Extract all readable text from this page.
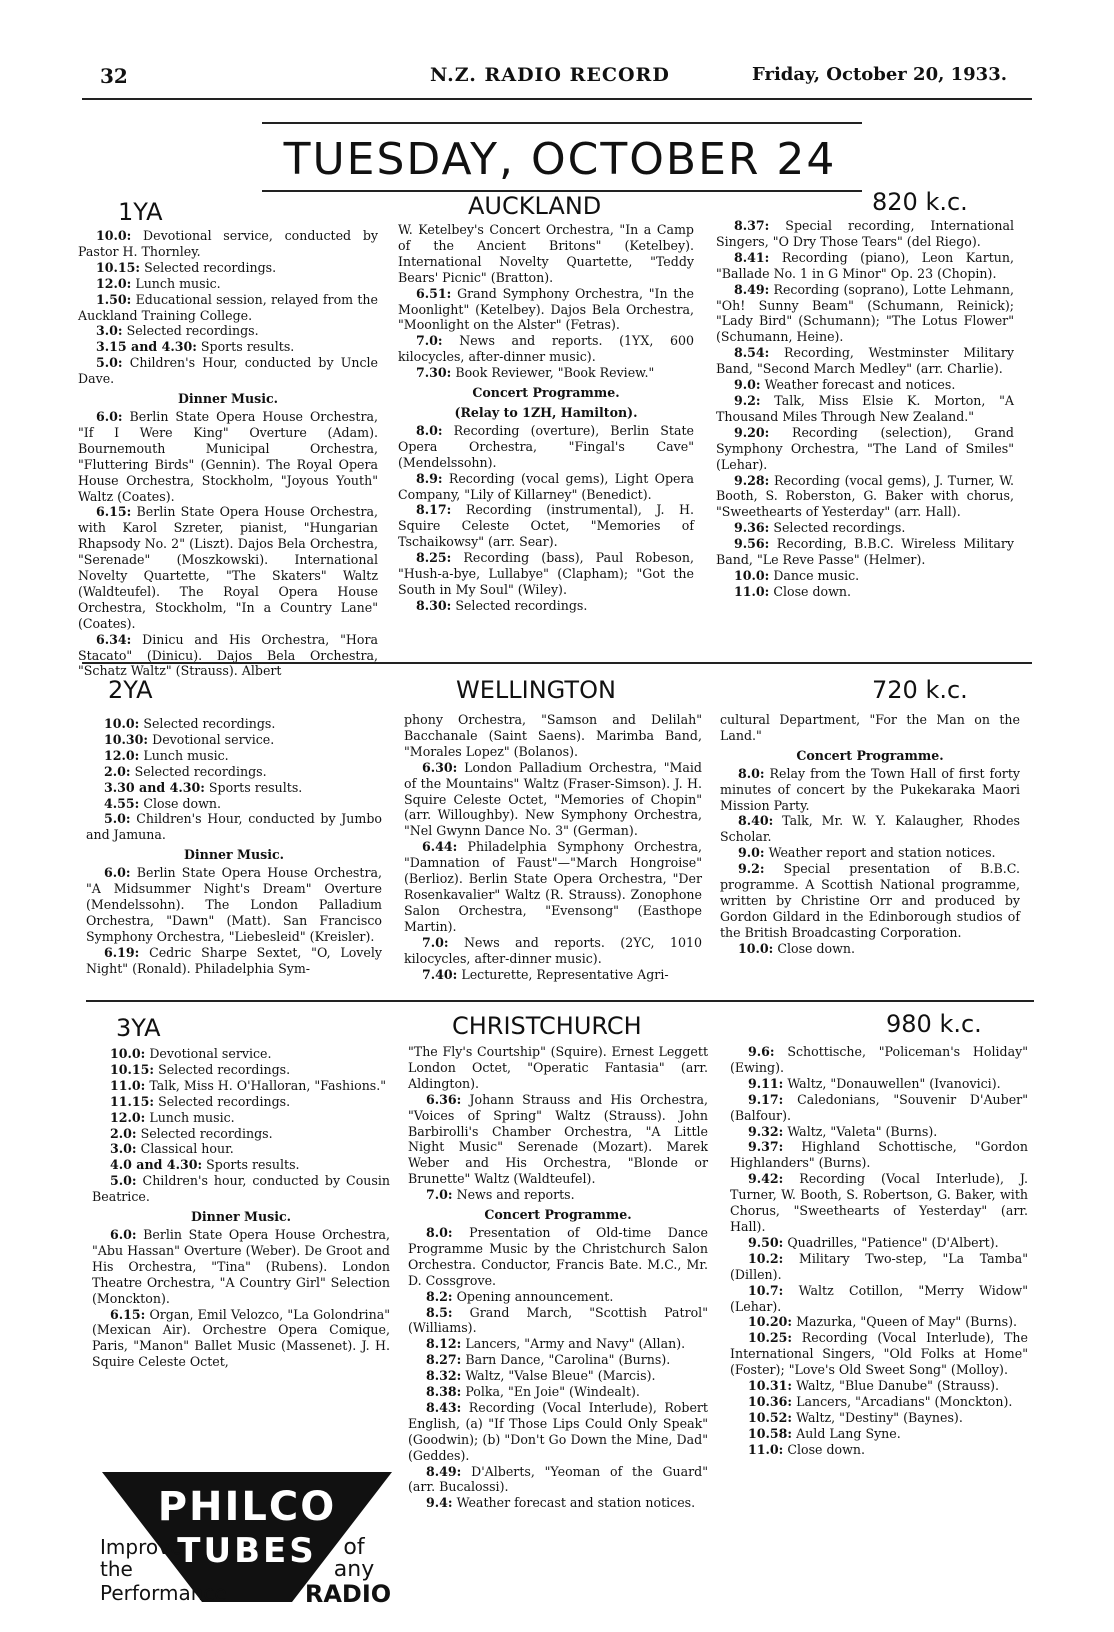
32	N.Z. RADIO RECORD	Friday, October 20, 1933.
TUESDAY, OCTOBER 24
1YA	AUCKLAND	820 k.c.

10.0: Devotional service, conducted by Pastor H. Thornley.

10.15: Selected recordings.

12.0: Lunch music.

1.50: Educational session, relayed from the Auckland Training College.

3.0: Selected recordings.

3.15 and 4.30: Sports results.

5.0: Children's Hour, conducted by Uncle Dave.

Dinner Music.

6.0: Berlin State Opera House Orchestra, "If I Were King" Overture (Adam). Bournemouth Municipal Orchestra, "Fluttering Birds" (Gennin). The Royal Opera House Orchestra, Stockholm, "Joyous Youth" Waltz (Coates).

6.15: Berlin State Opera House Orchestra, with Karol Szreter, pianist, "Hungarian Rhapsody No. 2" (Liszt). Dajos Bela Orchestra, "Serenade" (Moszkowski). International Novelty Quartette, "The Skaters" Waltz (Waldteufel). The Royal Opera House Orchestra, Stockholm, "In a Country Lane" (Coates).

6.34: Dinicu and His Orchestra, "Hora Stacato" (Dinicu). Dajos Bela Orchestra, "Schatz Waltz" (Strauss). Albert

W. Ketelbey's Concert Orchestra, "In a Camp of the Ancient Britons" (Ketelbey). International Novelty Quartette, "Teddy Bears' Picnic" (Bratton).

6.51: Grand Symphony Orchestra, "In the Moonlight" (Ketelbey). Dajos Bela Orchestra, "Moonlight on the Alster" (Fetras).

7.0: News and reports. (1YX, 600 kilocycles, after-dinner music).

7.30: Book Reviewer, "Book Review."

Concert Programme.

(Relay to 1ZH, Hamilton).

8.0: Recording (overture), Berlin State Opera Orchestra, "Fingal's Cave" (Mendelssohn).

8.9: Recording (vocal gems), Light Opera Company, "Lily of Killarney" (Benedict).

8.17: Recording (instrumental), J. H. Squire Celeste Octet, "Memories of Tschaikowsy" (arr. Sear).

8.25: Recording (bass), Paul Robeson, "Hush-a-bye, Lullabye" (Clapham); "Got the South in My Soul" (Wiley).

8.30: Selected recordings.

8.37: Special recording, International Singers, "O Dry Those Tears" (del Riego).

8.41: Recording (piano), Leon Kartun, "Ballade No. 1 in G Minor" Op. 23 (Chopin).

8.49: Recording (soprano), Lotte Lehmann, "Oh! Sunny Beam" (Schumann, Reinick); "Lady Bird" (Schumann); "The Lotus Flower" (Schumann, Heine).

8.54: Recording, Westminster Military Band, "Second March Medley" (arr. Charlie).

9.0: Weather forecast and notices.

9.2: Talk, Miss Elsie K. Morton, "A Thousand Miles Through New Zealand."

9.20: Recording (selection), Grand Symphony Orchestra, "The Land of Smiles" (Lehar).

9.28: Recording (vocal gems), J. Turner, W. Booth, S. Roberston, G. Baker with chorus, "Sweethearts of Yesterday" (arr. Hall).

9.36: Selected recordings.

9.56: Recording, B.B.C. Wireless Military Band, "Le Reve Passe" (Helmer).

10.0: Dance music.

11.0: Close down.

2YA	WELLINGTON	720 k.c.

10.0: Selected recordings.

10.30: Devotional service.

12.0: Lunch music.

2.0: Selected recordings.

3.30 and 4.30: Sports results.

4.55: Close down.

5.0: Children's Hour, conducted by Jumbo and Jamuna.

Dinner Music.

6.0: Berlin State Opera House Orchestra, "A Midsummer Night's Dream" Overture (Mendelssohn). The London Palladium Orchestra, "Dawn" (Matt). San Francisco Symphony Orchestra, "Liebesleid" (Kreisler).

6.19: Cedric Sharpe Sextet, "O, Lovely Night" (Ronald). Philadelphia Sym-

phony Orchestra, "Samson and Delilah" Bacchanale (Saint Saens). Marimba Band, "Morales Lopez" (Bolanos).

6.30: London Palladium Orchestra, "Maid of the Mountains" Waltz (Fraser-Simson). J. H. Squire Celeste Octet, "Memories of Chopin" (arr. Willoughby). New Symphony Orchestra, "Nel Gwynn Dance No. 3" (German).

6.44: Philadelphia Symphony Orchestra, "Damnation of Faust"—"March Hongroise" (Berlioz). Berlin State Opera Orchestra, "Der Rosenkavalier" Waltz (R. Strauss). Zonophone Salon Orchestra, "Evensong" (Easthope Martin).

7.0: News and reports. (2YC, 1010 kilocycles, after-dinner music).

7.40: Lecturette, Representative Agri-

cultural Department, "For the Man on the Land."

Concert Programme.

8.0: Relay from the Town Hall of first forty minutes of concert by the Pukekaraka Maori Mission Party.

8.40: Talk, Mr. W. Y. Kalaugher, Rhodes Scholar.

9.0: Weather report and station notices.

9.2: Special presentation of B.B.C. programme. A Scottish National programme, written by Christine Orr and produced by Gordon Gildard in the Edinborough studios of the British Broadcasting Corporation.

10.0: Close down.

3YA	CHRISTCHURCH	980 k.c.

10.0: Devotional service.

10.15: Selected recordings.

11.0: Talk, Miss H. O'Halloran, "Fashions."

11.15: Selected recordings.

12.0: Lunch music.

2.0: Selected recordings.

3.0: Classical hour.

4.0 and 4.30: Sports results.

5.0: Children's hour, conducted by Cousin Beatrice.

Dinner Music.

6.0: Berlin State Opera House Orchestra, "Abu Hassan" Overture (Weber). De Groot and His Orchestra, "Tina" (Rubens). London Theatre Orchestra, "A Country Girl" Selection (Monckton).

6.15: Organ, Emil Velozco, "La Golondrina" (Mexican Air). Orchestre Opera Comique, Paris, "Manon" Ballet Music (Massenet). J. H. Squire Celeste Octet,

"The Fly's Courtship" (Squire). Ernest Leggett London Octet, "Operatic Fantasia" (arr. Aldington).

6.36: Johann Strauss and His Orchestra, "Voices of Spring" Waltz (Strauss). John Barbirolli's Chamber Orchestra, "A Little Night Music" Serenade (Mozart). Marek Weber and His Orchestra, "Blonde or Brunette" Waltz (Waldteufel).

7.0: News and reports.

Concert Programme.

8.0: Presentation of Old-time Dance Programme Music by the Christchurch Salon Orchestra. Conductor, Francis Bate. M.C., Mr. D. Cossgrove.

8.2: Opening announcement.

8.5: Grand March, "Scottish Patrol" (Williams).

8.12: Lancers, "Army and Navy" (Allan).

8.27: Barn Dance, "Carolina" (Burns).

8.32: Waltz, "Valse Bleue" (Marcis).

8.38: Polka, "En Joie" (Windealt).

8.43: Recording (Vocal Interlude), Robert English, (a) "If Those Lips Could Only Speak" (Goodwin); (b) "Don't Go Down the Mine, Dad" (Geddes).

8.49: D'Alberts, "Yeoman of the Guard" (arr. Bucalossi).

9.4: Weather forecast and station notices.

9.6: Schottische, "Policeman's Holiday" (Ewing).

9.11: Waltz, "Donauwellen" (Ivanovici).

9.17: Caledonians, "Souvenir D'Auber" (Balfour).

9.32: Waltz, "Valeta" (Burns).

9.37: Highland Schottische, "Gordon Highlanders" (Burns).

9.42: Recording (Vocal Interlude), J. Turner, W. Booth, S. Robertson, G. Baker, with Chorus, "Sweethearts of Yesterday" (arr. Hall).

9.50: Quadrilles, "Patience" (D'Albert).

10.2: Military Two-step, "La Tamba" (Dillen).

10.7: Waltz Cotillon, "Merry Widow" (Lehar).

10.20: Mazurka, "Queen of May" (Burns).

10.25: Recording (Vocal Interlude), The International Singers, "Old Folks at Home" (Foster); "Love's Old Sweet Song" (Molloy).

10.31: Waltz, "Blue Danube" (Strauss).

10.36: Lancers, "Arcadians" (Monckton).

10.52: Waltz, "Destiny" (Baynes).

10.58: Auld Lang Syne.

11.0: Close down.

PHILCO
TUBES
Improve
the
Performance
of
any
RADIO
